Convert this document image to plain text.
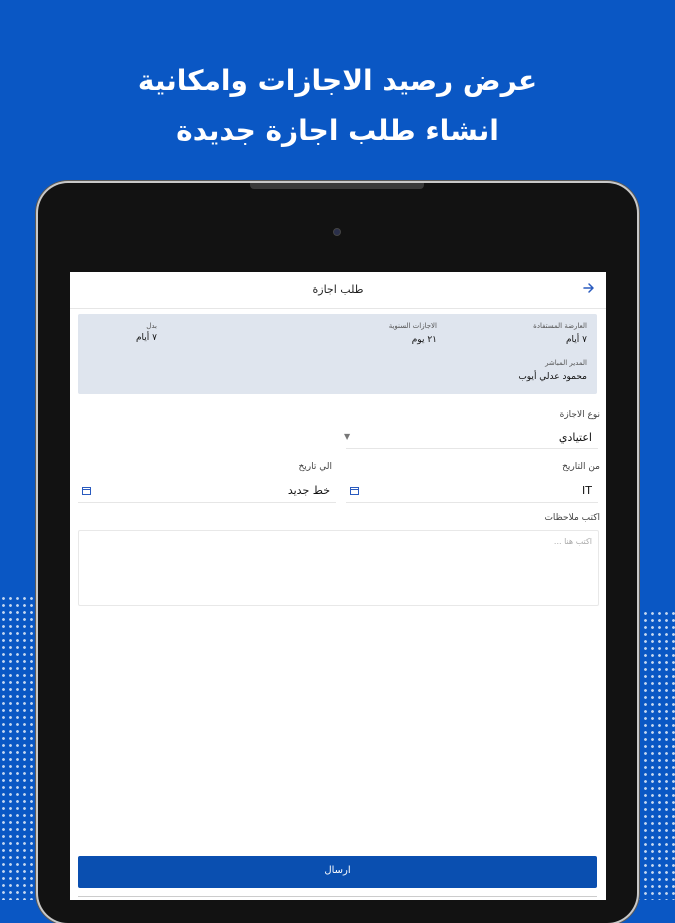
عرض رصيد الاجازات وامكانية
انشاء طلب اجازة جديدة
طلب اجازة
العارضة المستفادة
٧ أيام
الاجازات السنوية
٢١ يوم
بدل
٧ أيام
المدير المباشر
محمود عدلي أيوب
نوع الاجازة
اعتيادي
▼
من التاريخ
IT
الي تاريخ
خط جديد
اكتب ملاحظات
اكتب هنا ...
ارسال
